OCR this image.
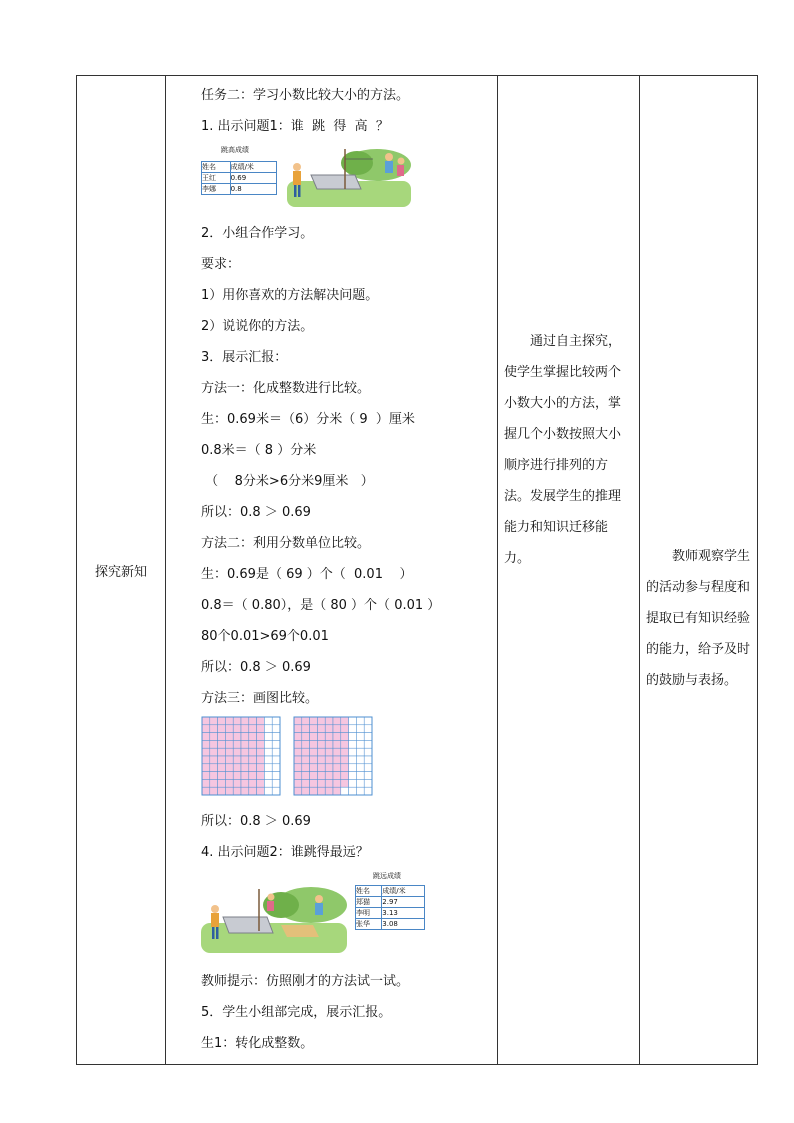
探究新知

任务二：学习小数比较大小的方法。
1. 出示问题1：谁  跳  得  高  ？
跳高成绩
姓名	成绩/米
王红	0.69
李娜	0.8
2．小组合作学习。
要求：
1）用你喜欢的方法解决问题。
2）说说你的方法。
3．展示汇报：
方法一：化成整数进行比较。
生：0.69米＝（6）分米（ 9  ）厘米
0.8米＝（ 8 ）分米
（    8分米>6分米9厘米   ）
所以：0.8 ＞ 0.69
方法二：利用分数单位比较。
生：0.69是（ 69 ）个（  0.01    ）
0.8＝（ 0.80），是（ 80 ）个（ 0.01 ）
80个0.01>69个0.01
所以：0.8 ＞ 0.69
方法三：画图比较。
所以：0.8 ＞ 0.69
4. 出示问题2：谁跳得最远？
跳远成绩
姓名	成绩/米
郑猫	2.97
李明	3.13
张华	3.08
教师提示：仿照刚才的方法试一试。
5．学生小组部完成，展示汇报。
生1：转化成整数。

通过自主探究，使学生掌握比较两个小数大小的方法，掌握几个小数按照大小顺序进行排列的方法。发展学生的推理能力和知识迁移能力。	教师观察学生的活动参与程度和提取已有知识经验的能力，给予及时的鼓励与表扬。
